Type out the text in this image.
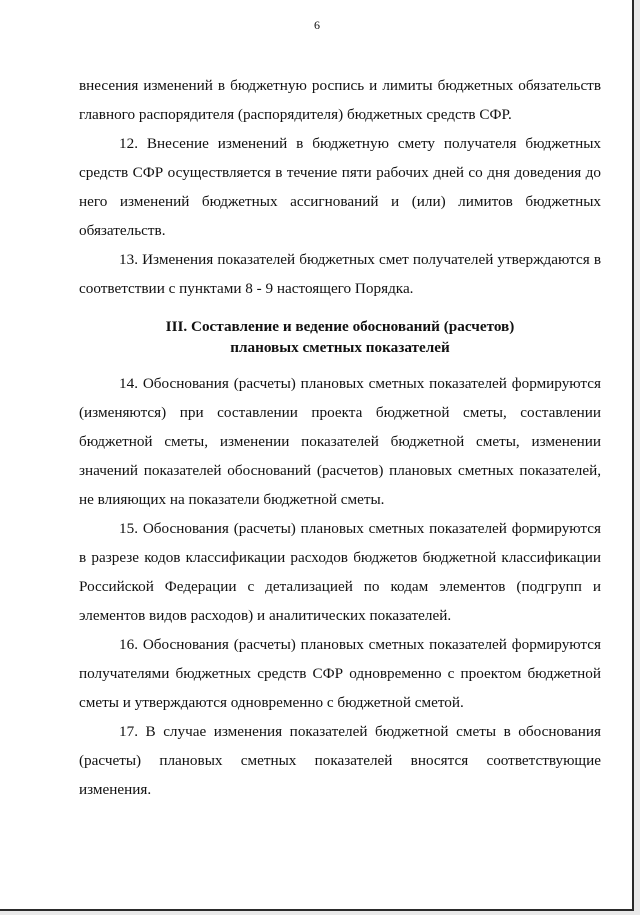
6

внесения изменений в бюджетную роспись и лимиты бюджетных обязательств главного распорядителя (распорядителя) бюджетных средств СФР.

12. Внесение изменений в бюджетную смету получателя бюджетных средств СФР осуществляется в течение пяти рабочих дней со дня доведения до него изменений бюджетных ассигнований и (или) лимитов бюджетных обязательств.

13. Изменения показателей бюджетных смет получателей утверждаются в соответствии с пунктами 8 - 9 настоящего Порядка.

III. Составление и ведение обоснований (расчетов)
плановых сметных показателей

14. Обоснования (расчеты) плановых сметных показателей формируются (изменяются) при составлении проекта бюджетной сметы, составлении бюджетной сметы, изменении показателей бюджетной сметы, изменении значений показателей обоснований (расчетов) плановых сметных показателей, не влияющих на показатели бюджетной сметы.

15. Обоснования (расчеты) плановых сметных показателей формируются в разрезе кодов классификации расходов бюджетов бюджетной классификации Российской Федерации с детализацией по кодам элементов (подгрупп и элементов видов расходов) и аналитических показателей.

16. Обоснования (расчеты) плановых сметных показателей формируются получателями бюджетных средств СФР одновременно с проектом бюджетной сметы и утверждаются одновременно с бюджетной сметой.

17. В случае изменения показателей бюджетной сметы в обоснования (расчеты) плановых сметных показателей вносятся соответствующие изменения.
